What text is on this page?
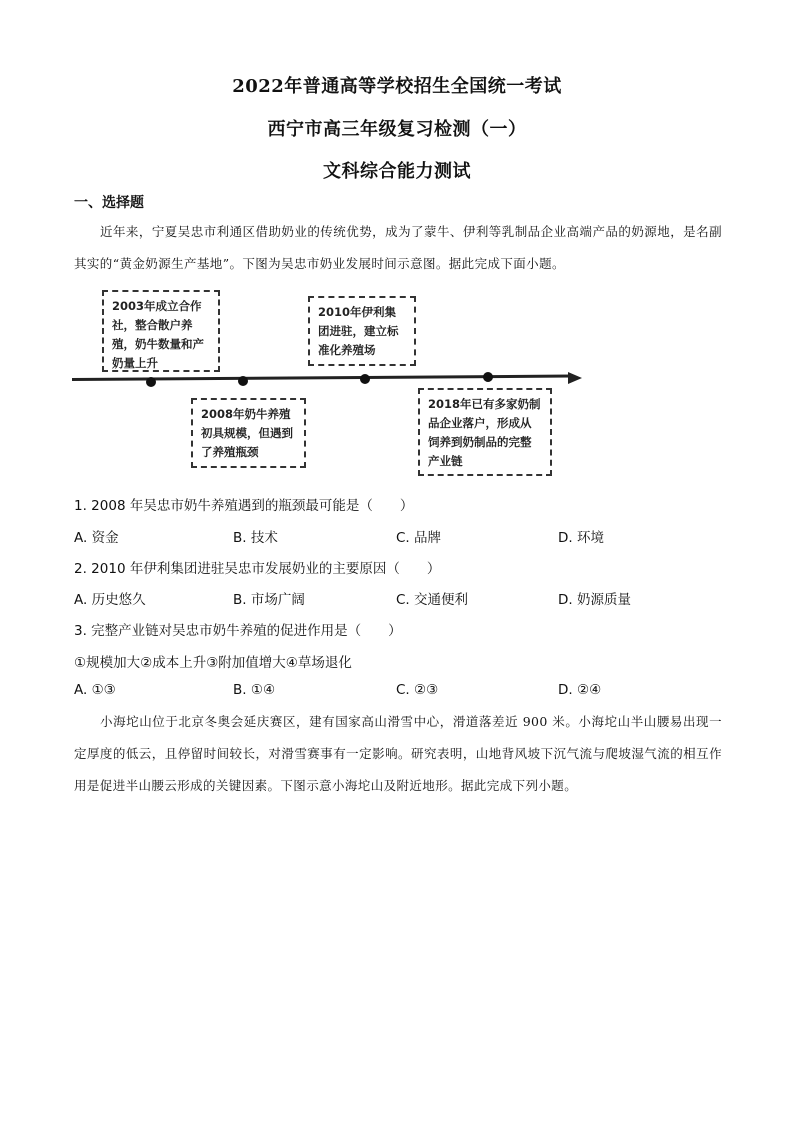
2022年普通高等学校招生全国统一考试
西宁市高三年级复习检测（一）
文科综合能力测试
一、选择题
近年来，宁夏吴忠市利通区借助奶业的传统优势，成为了蒙牛、伊利等乳制品企业高端产品的奶源地，是名副其实的“黄金奶源生产基地”。下图为吴忠市奶业发展时间示意图。据此完成下面小题。
2003年成立合作社，整合散户养殖，奶牛数量和产奶量上升
2008年奶牛养殖初具规模，但遇到了养殖瓶颈
2010年伊利集团进驻，建立标准化养殖场
2018年已有多家奶制品企业落户，形成从饲养到奶制品的完整产业链
1. 2008 年吴忠市奶牛养殖遇到的瓶颈最可能是（　　）
A. 资金	B. 技术	C. 品牌	D. 环境
2. 2010 年伊利集团进驻吴忠市发展奶业的主要原因（　　）
A. 历史悠久	B. 市场广阔	C. 交通便利	D. 奶源质量
3. 完整产业链对吴忠市奶牛养殖的促进作用是（　　）
①规模加大②成本上升③附加值增大④草场退化
A. ①③	B. ①④	C. ②③	D. ②④
小海坨山位于北京冬奥会延庆赛区，建有国家高山滑雪中心，滑道落差近 900 米。小海坨山半山腰易出现一定厚度的低云，且停留时间较长，对滑雪赛事有一定影响。研究表明，山地背风坡下沉气流与爬坡湿气流的相互作用是促进半山腰云形成的关键因素。下图示意小海坨山及附近地形。据此完成下列小题。
